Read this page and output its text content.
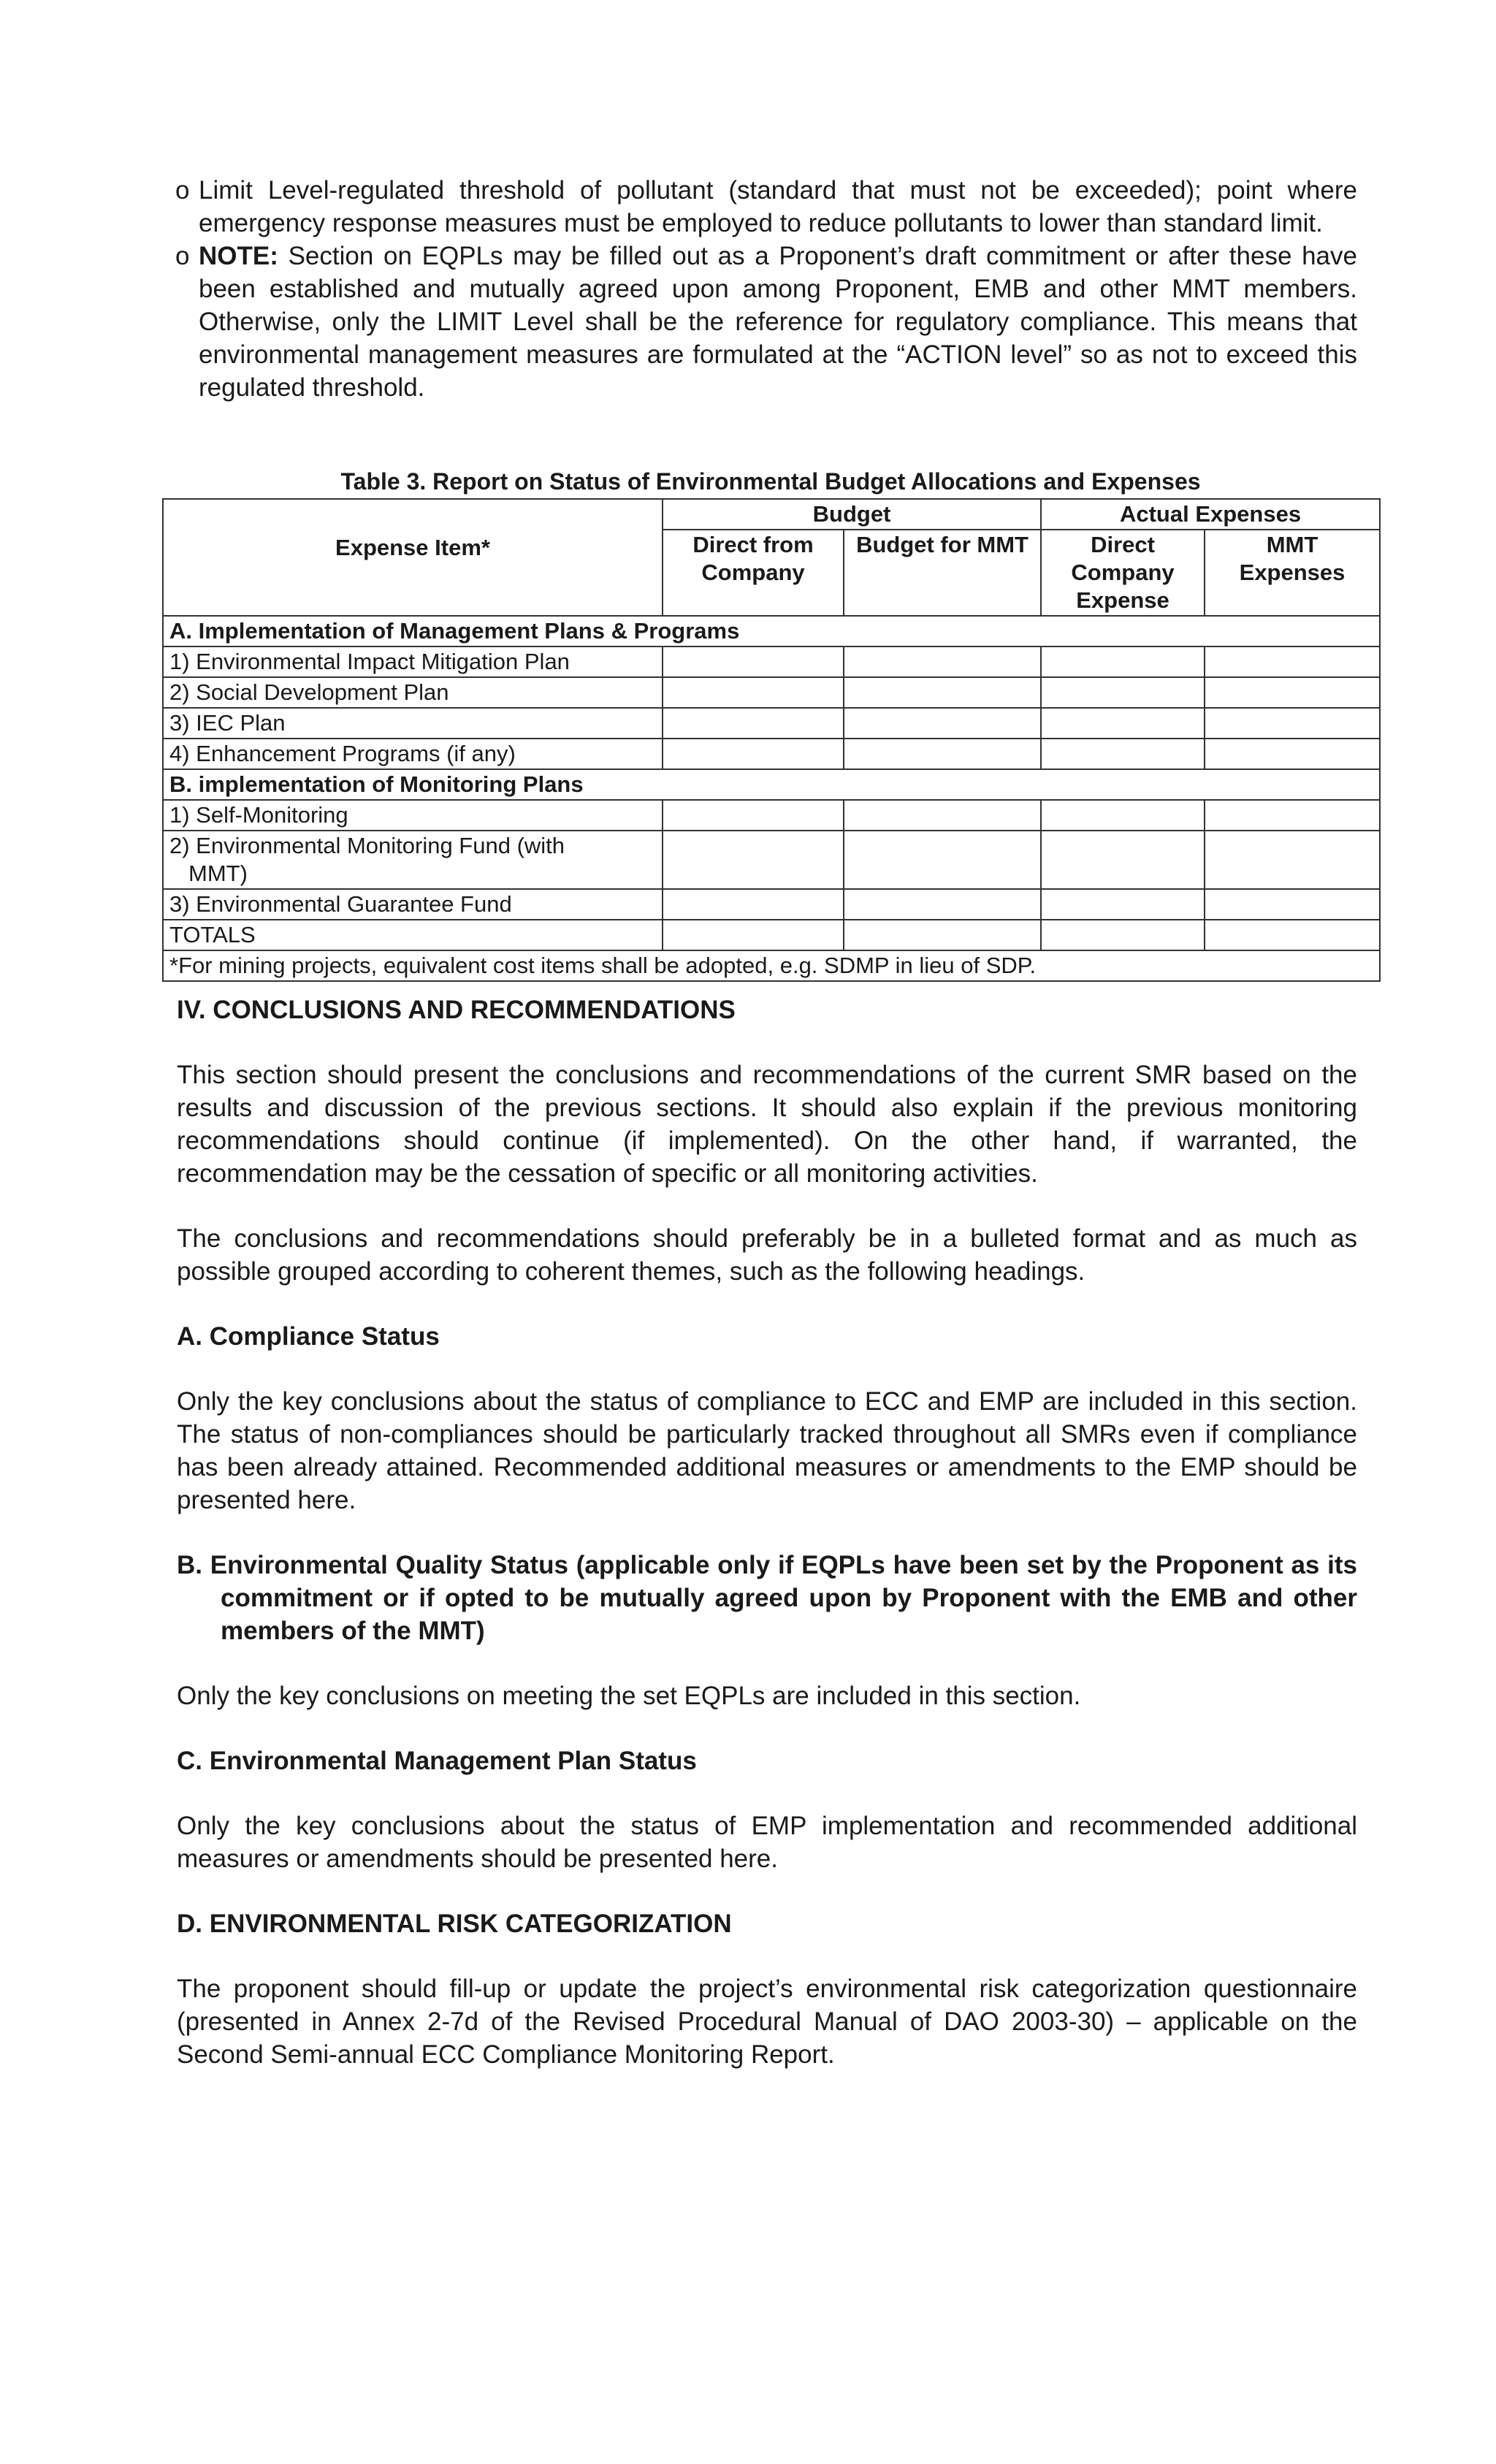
o Limit Level-regulated threshold of pollutant (standard that must not be exceeded); point where emergency response measures must be employed to reduce pollutants to lower than standard limit.

o NOTE: Section on EQPLs may be filled out as a Proponent’s draft commitment or after these have been established and mutually agreed upon among Proponent, EMB and other MMT members. Otherwise, only the LIMIT Level shall be the reference for regulatory compliance. This means that environmental management measures are formulated at the “ACTION level” so as not to exceed this regulated threshold.

Table 3. Report on Status of Environmental Budget Allocations and Expenses
Expense Item*	Budget		Actual Expenses	
	Direct from Company	Budget for MMT	Direct Company Expense	MMT Expenses
A. Implementation of Management Plans & Programs				
1) Environmental Impact Mitigation Plan				
2) Social Development Plan				
3) IEC Plan				
4) Enhancement Programs (if any)				
B. implementation of Monitoring Plans				
1) Self-Monitoring				
2) Environmental Monitoring Fund (with
MMT)				
3) Environmental Guarantee Fund				
TOTALS				
*For mining projects, equivalent cost items shall be adopted, e.g. SDMP in lieu of SDP.				

IV. CONCLUSIONS AND RECOMMENDATIONS

This section should present the conclusions and recommendations of the current SMR based on the results and discussion of the previous sections. It should also explain if the previous monitoring recommendations should continue (if implemented). On the other hand, if warranted, the recommendation may be the cessation of specific or all monitoring activities.

The conclusions and recommendations should preferably be in a bulleted format and as much as possible grouped according to coherent themes, such as the following headings.

A. Compliance Status

Only the key conclusions about the status of compliance to ECC and EMP are included in this section. The status of non-compliances should be particularly tracked throughout all SMRs even if compliance has been already attained. Recommended additional measures or amendments to the EMP should be presented here.

B. Environmental Quality Status (applicable only if EQPLs have been set by the Proponent as its commitment or if opted to be mutually agreed upon by Proponent with the EMB and other members of the MMT)

Only the key conclusions on meeting the set EQPLs are included in this section.

C. Environmental Management Plan Status

Only the key conclusions about the status of EMP implementation and recommended additional measures or amendments should be presented here.

D. ENVIRONMENTAL RISK CATEGORIZATION

The proponent should fill-up or update the project’s environmental risk categorization questionnaire (presented in Annex 2-7d of the Revised Procedural Manual of DAO 2003-30) – applicable on the Second Semi-annual ECC Compliance Monitoring Report.
